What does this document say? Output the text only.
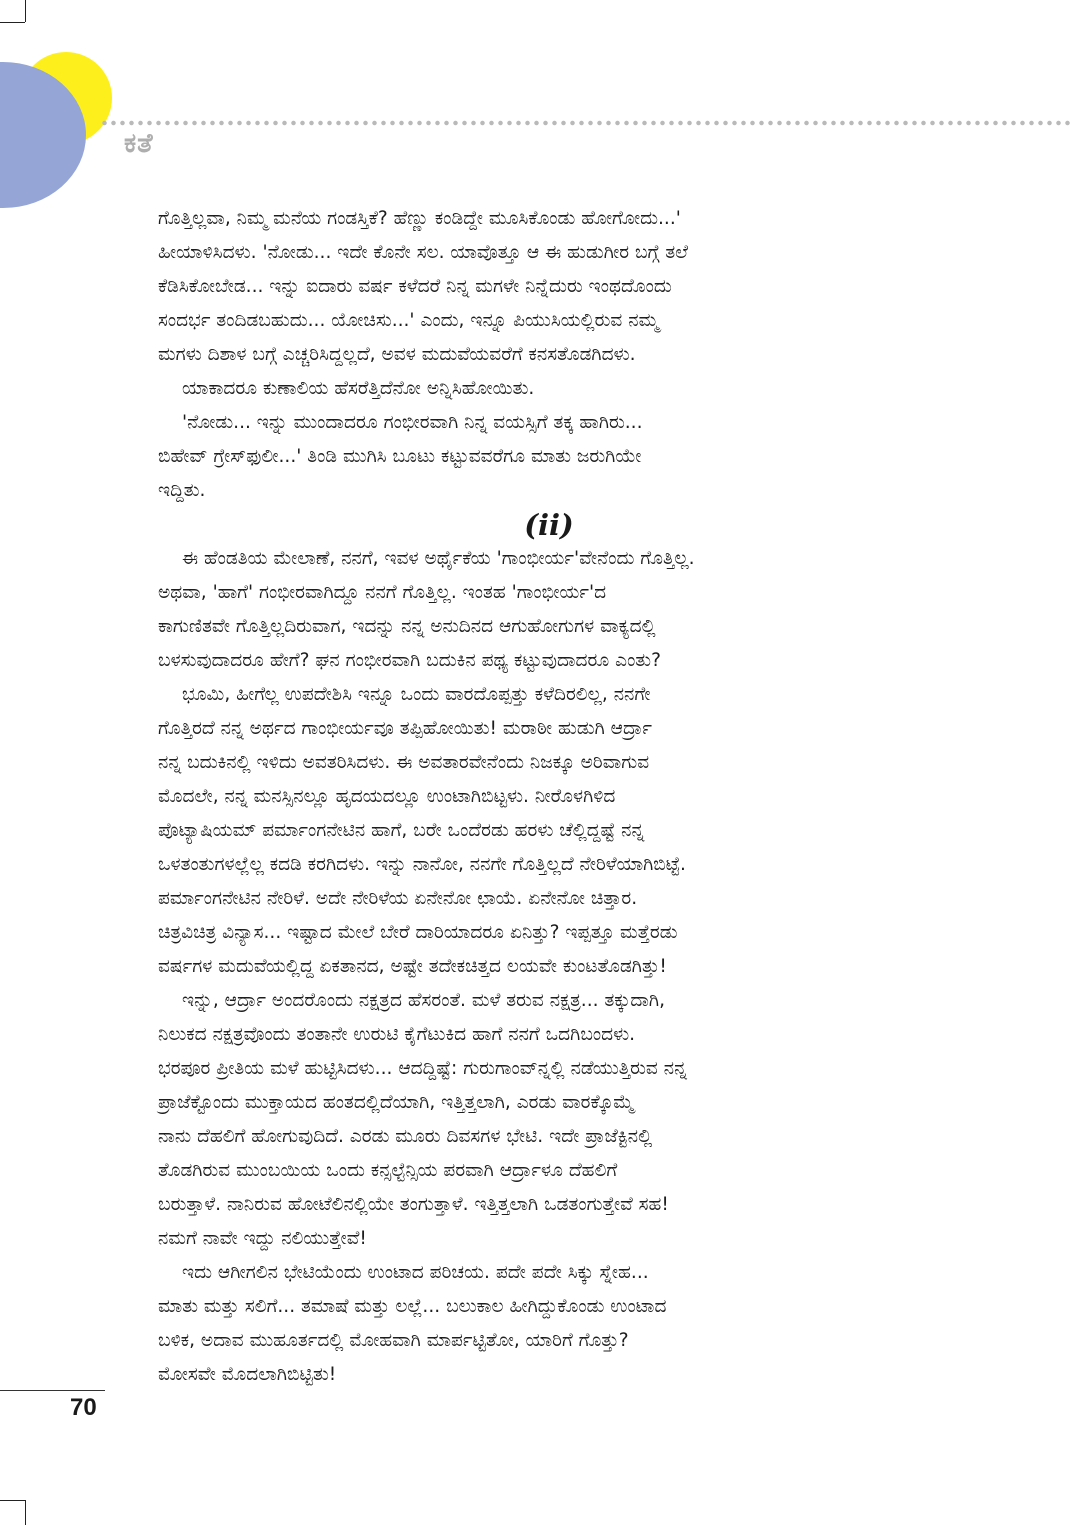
ಕತೆ
ಗೊತ್ತಿಲ್ಲವಾ, ನಿಮ್ಮ ಮನೆಯ ಗಂಡಸ್ತಿಕೆ? ಹೆಣ್ಣು ಕಂಡಿದ್ದೇ ಮೂಸಿಕೊಂಡು ಹೋಗೋದು...'
ಹೀಯಾಳಿಸಿದಳು. 'ನೋಡು... ಇದೇ ಕೊನೇ ಸಲ. ಯಾವೊತ್ತೂ ಆ ಈ ಹುಡುಗೀರ ಬಗ್ಗೆ ತಲೆ
ಕೆಡಿಸಿಕೋಬೇಡ... ಇನ್ನು ಐದಾರು ವರ್ಷ ಕಳೆದರೆ ನಿನ್ನ ಮಗಳೇ ನಿನ್ನೆದುರು ಇಂಥದೊಂದು
ಸಂದರ್ಭ ತಂದಿಡಬಹುದು... ಯೋಚಿಸು...' ಎಂದು, ಇನ್ನೂ ಪಿಯುಸಿಯಲ್ಲಿರುವ ನಮ್ಮ
ಮಗಳು ದಿಶಾಳ ಬಗ್ಗೆ ಎಚ್ಚರಿಸಿದ್ದಲ್ಲದೆ, ಅವಳ ಮದುವೆಯವರೆಗೆ ಕನಸತೊಡಗಿದಳು.
ಯಾಕಾದರೂ ಕುಣಾಲಿಯ ಹೆಸರೆತ್ತಿದೆನೋ ಅನ್ನಿಸಿಹೋಯಿತು.
'ನೋಡು... ಇನ್ನು ಮುಂದಾದರೂ ಗಂಭೀರವಾಗಿ ನಿನ್ನ ವಯಸ್ಸಿಗೆ ತಕ್ಕ ಹಾಗಿರು...
ಬಿಹೇವ್ ಗ್ರೇಸ್‌ಫುಲೀ...' ತಿಂಡಿ ಮುಗಿಸಿ ಬೂಟು ಕಟ್ಟುವವರೆಗೂ ಮಾತು ಜರುಗಿಯೇ
ಇದ್ದಿತು.
(ii)
ಈ ಹೆಂಡತಿಯ ಮೇಲಾಣೆ, ನನಗೆ, ಇವಳ ಅರ್ಥೈಕೆಯ 'ಗಾಂಭೀರ್ಯ'ವೇನೆಂದು ಗೊತ್ತಿಲ್ಲ.
ಅಥವಾ, 'ಹಾಗೆ' ಗಂಭೀರವಾಗಿದ್ದೂ ನನಗೆ ಗೊತ್ತಿಲ್ಲ. ಇಂತಹ 'ಗಾಂಭೀರ್ಯ'ದ
ಕಾಗುಣಿತವೇ ಗೊತ್ತಿಲ್ಲದಿರುವಾಗ, ಇದನ್ನು ನನ್ನ ಅನುದಿನದ ಆಗುಹೋಗುಗಳ ವಾಕ್ಯದಲ್ಲಿ
ಬಳಸುವುದಾದರೂ ಹೇಗೆ? ಘನ ಗಂಭೀರವಾಗಿ ಬದುಕಿನ ಪಥ್ಯ ಕಟ್ಟುವುದಾದರೂ ಎಂತು?
ಭೂಮಿ, ಹೀಗೆಲ್ಲ ಉಪದೇಶಿಸಿ ಇನ್ನೂ ಒಂದು ವಾರದೊಪ್ಪತ್ತು ಕಳೆದಿರಲಿಲ್ಲ, ನನಗೇ
ಗೊತ್ತಿರದೆ ನನ್ನ ಅರ್ಥದ ಗಾಂಭೀರ್ಯವೂ ತಪ್ಪಿಹೋಯಿತು! ಮರಾಠೀ ಹುಡುಗಿ ಆರ್ದ್ರಾ
ನನ್ನ ಬದುಕಿನಲ್ಲಿ ಇಳಿದು ಅವತರಿಸಿದಳು. ಈ ಅವತಾರವೇನೆಂದು ನಿಜಕ್ಕೂ ಅರಿವಾಗುವ
ಮೊದಲೇ, ನನ್ನ ಮನಸ್ಸಿನಲ್ಲೂ ಹೃದಯದಲ್ಲೂ ಉಂಟಾಗಿಬಿಟ್ಟಳು. ನೀರೊಳಗಿಳಿದ
ಪೊಟ್ಯಾಷಿಯಮ್ ಪರ್ಮಾಂಗನೇಟಿನ ಹಾಗೆ, ಬರೇ ಒಂದೆರಡು ಹರಳು ಚೆಲ್ಲಿದ್ದಷ್ಟೆ ನನ್ನ
ಒಳತಂತುಗಳಲ್ಲೆಲ್ಲ ಕದಡಿ ಕರಗಿದಳು. ಇನ್ನು ನಾನೋ, ನನಗೇ ಗೊತ್ತಿಲ್ಲದೆ ನೇರಿಳೆಯಾಗಿಬಿಟ್ಟೆ.
ಪರ್ಮಾಂಗನೇಟಿನ ನೇರಿಳೆ. ಅದೇ ನೇರಿಳೆಯ ಏನೇನೋ ಛಾಯೆ. ಏನೇನೋ ಚಿತ್ತಾರ.
ಚಿತ್ರವಿಚಿತ್ರ ವಿನ್ಯಾಸ... ಇಷ್ಟಾದ ಮೇಲೆ ಬೇರೆ ದಾರಿಯಾದರೂ ಏನಿತ್ತು? ಇಪ್ಪತ್ತೂ ಮತ್ತೆರಡು
ವರ್ಷಗಳ ಮದುವೆಯಲ್ಲಿದ್ದ ಏಕತಾನದ, ಅಷ್ಟೇ ತದೇಕಚಿತ್ತದ ಲಯವೇ ಕುಂಟತೊಡಗಿತ್ತು!
ಇನ್ನು, ಆರ್ದ್ರಾ ಅಂದರೊಂದು ನಕ್ಷತ್ರದ ಹೆಸರಂತೆ. ಮಳೆ ತರುವ ನಕ್ಷತ್ರ... ತಕ್ಕುದಾಗಿ,
ನಿಲುಕದ ನಕ್ಷತ್ರವೊಂದು ತಂತಾನೇ ಉರುಟಿ ಕೈಗೆಟುಕಿದ ಹಾಗೆ ನನಗೆ ಒದಗಿಬಂದಳು.
ಭರಪೂರ ಪ್ರೀತಿಯ ಮಳೆ ಹುಟ್ಟಿಸಿದಳು... ಆದದ್ದಿಷ್ಟೆ: ಗುರುಗಾಂವ್‌ನ್ನಲ್ಲಿ ನಡೆಯುತ್ತಿರುವ ನನ್ನ
ಪ್ರಾಜೆಕ್ಟೊಂದು ಮುಕ್ತಾಯದ ಹಂತದಲ್ಲಿದೆಯಾಗಿ, ಇತ್ತಿತ್ತಲಾಗಿ, ಎರಡು ವಾರಕ್ಕೊಮ್ಮೆ
ನಾನು ದೆಹಲಿಗೆ ಹೋಗುವುದಿದೆ. ಎರಡು ಮೂರು ದಿವಸಗಳ ಭೇಟಿ. ಇದೇ ಪ್ರಾಜೆಕ್ಟಿನಲ್ಲಿ
ತೊಡಗಿರುವ ಮುಂಬಯಿಯ ಒಂದು ಕನ್ಸಲ್ಟೆನ್ಸಿಯ ಪರವಾಗಿ ಆರ್ದ್ರಾಳೂ ದೆಹಲಿಗೆ
ಬರುತ್ತಾಳೆ. ನಾನಿರುವ ಹೋಟೆಲಿನಲ್ಲಿಯೇ ತಂಗುತ್ತಾಳೆ. ಇತ್ತಿತ್ತಲಾಗಿ ಒಡತಂಗುತ್ತೇವೆ ಸಹ!
ನಮಗೆ ನಾವೇ ಇದ್ದು ನಲಿಯುತ್ತೇವೆ!
ಇದು ಆಗೀಗಲಿನ ಭೇಟಿಯೆಂದು ಉಂಟಾದ ಪರಿಚಯ. ಪದೇ ಪದೇ ಸಿಕ್ಕು ಸ್ನೇಹ...
ಮಾತು ಮತ್ತು ಸಲಿಗೆ... ತಮಾಷೆ ಮತ್ತು ಲಲ್ಲೆ... ಬಲುಕಾಲ ಹೀಗಿದ್ದುಕೊಂಡು ಉಂಟಾದ
ಬಳಿಕ, ಅದಾವ ಮುಹೂರ್ತದಲ್ಲಿ ಮೋಹವಾಗಿ ಮಾರ್ಪಟ್ಟಿತೋ, ಯಾರಿಗೆ ಗೊತ್ತು?
ಮೋಸವೇ ಮೊದಲಾಗಿಬಿಟ್ಟಿತು!
70
